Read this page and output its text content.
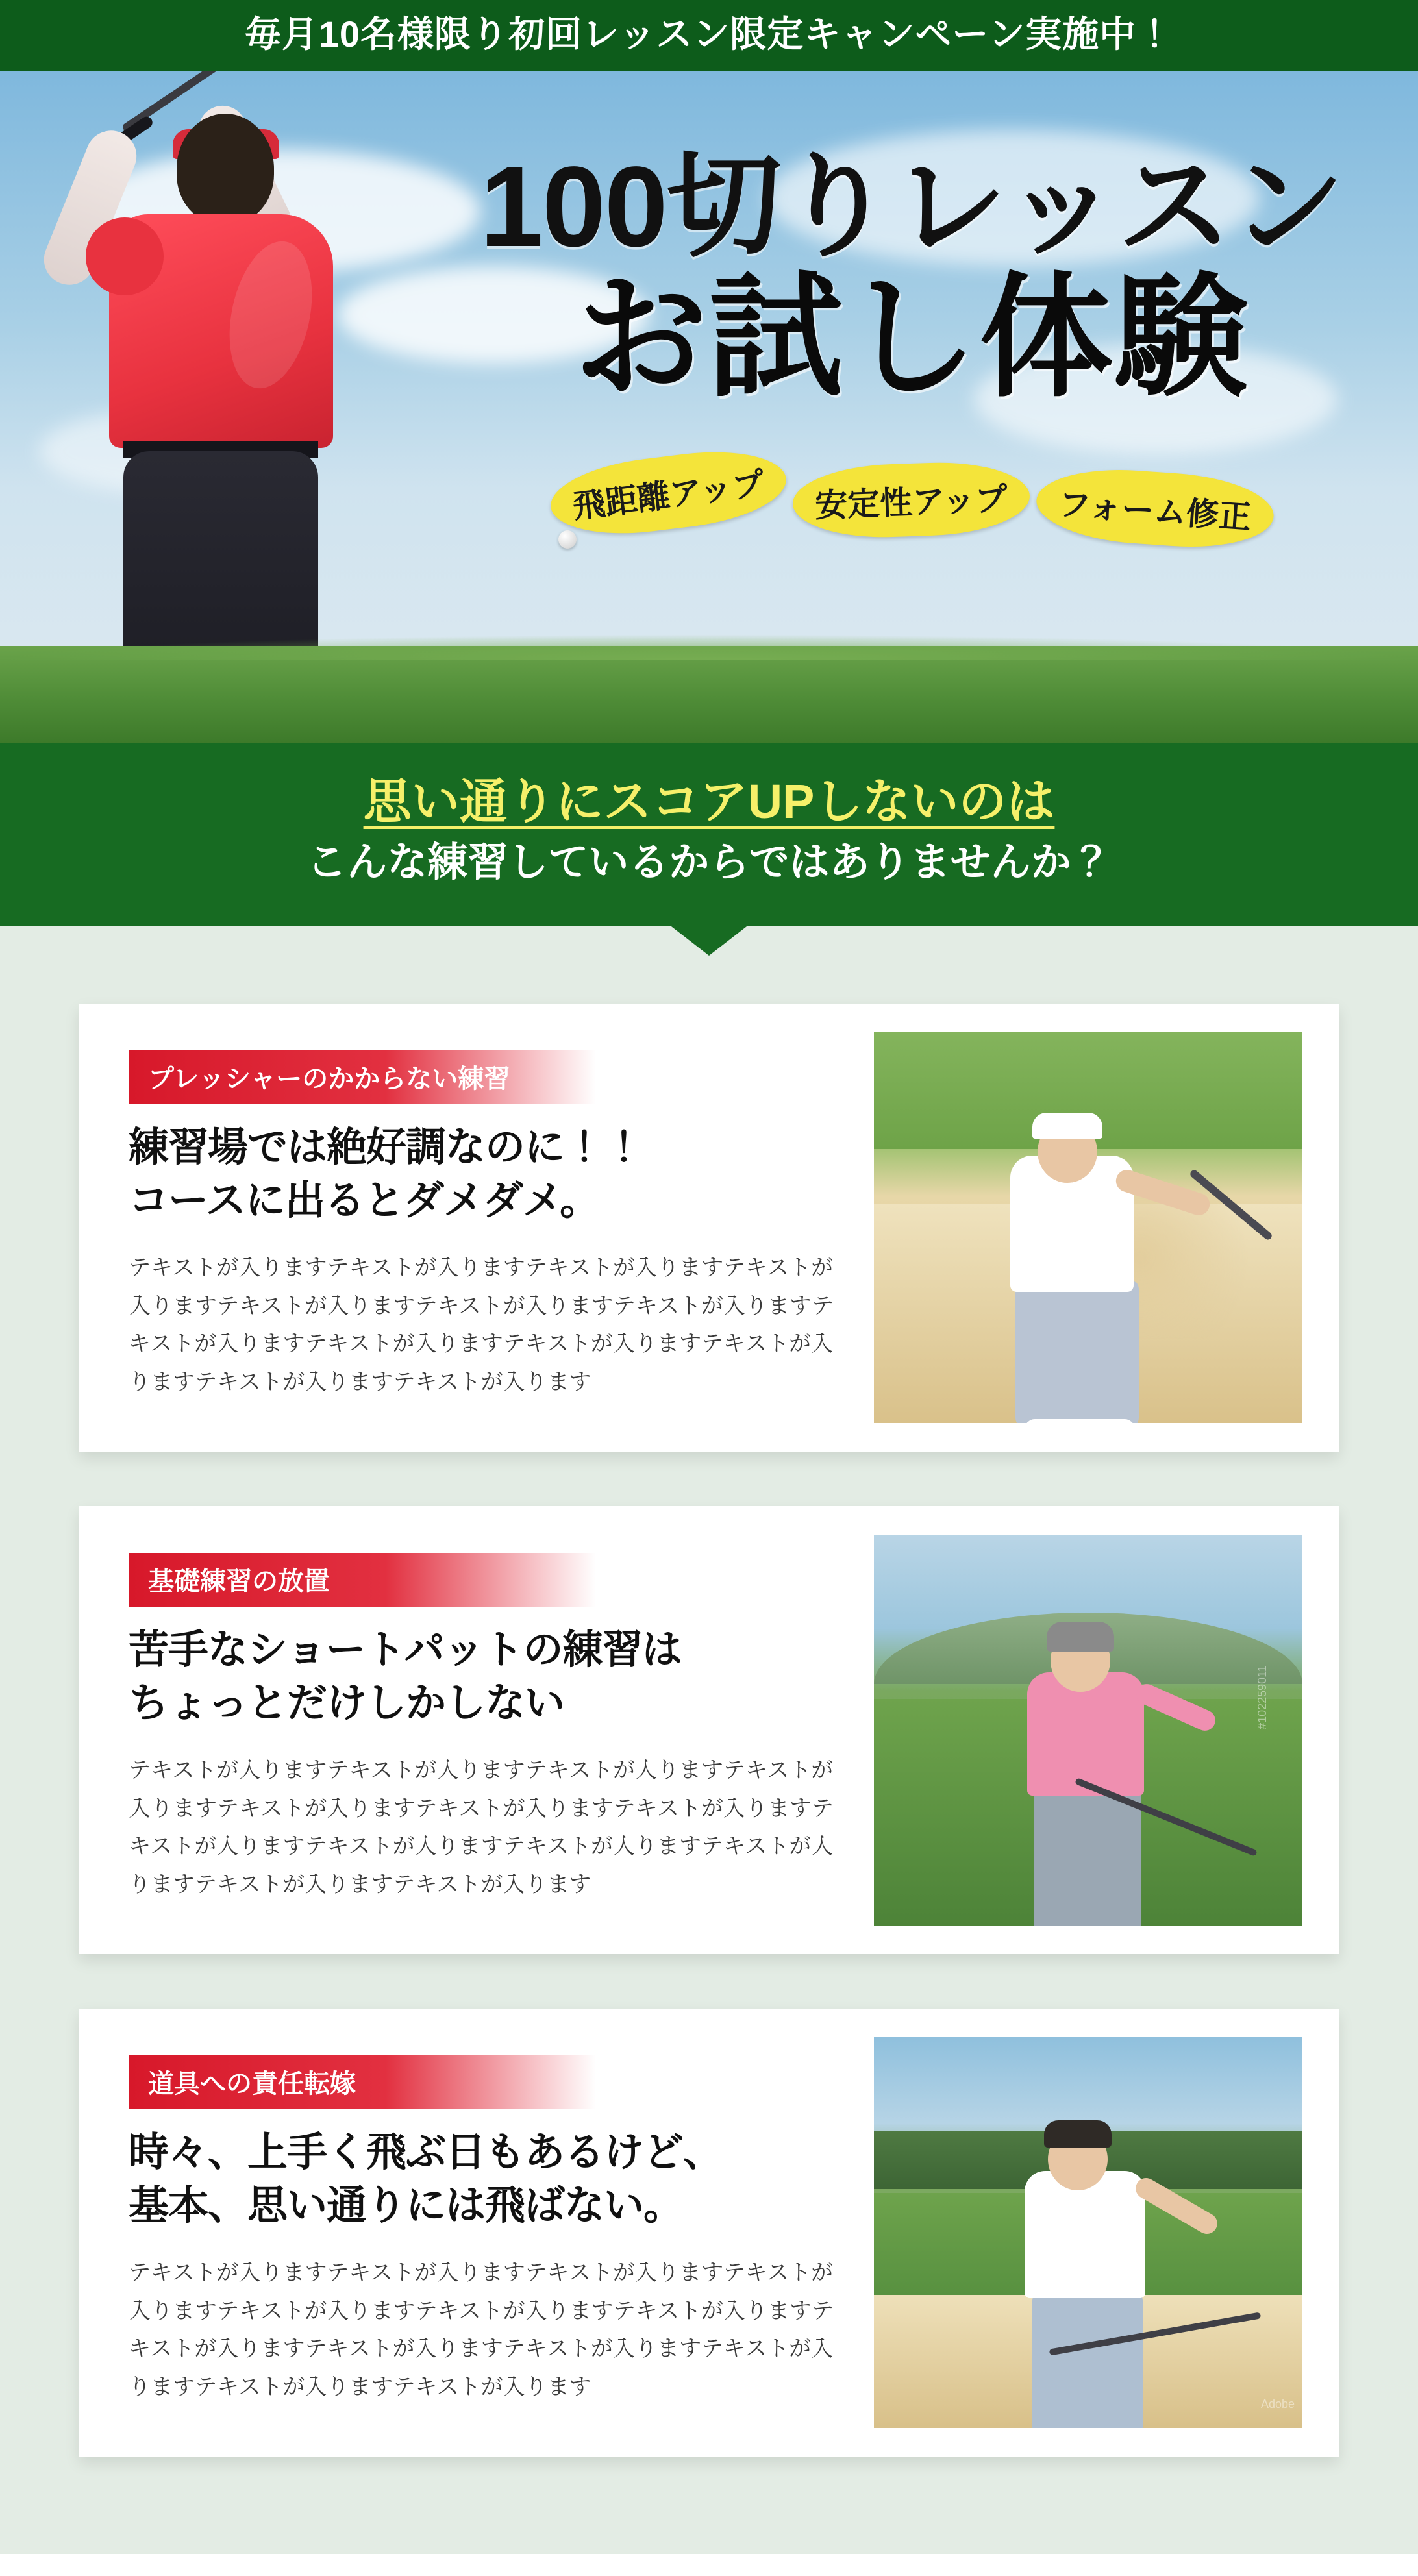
毎月10名様限り初回レッスン限定キャンペーン実施中！
100切りレッスン
お試し体験
飛距離アップ	安定性アップ	フォーム修正
思い通りにスコアUPしないのは
こんな練習しているからではありませんか？
プレッシャーのかからない練習
練習場では絶好調なのに！！
コースに出るとダメダメ。
テキストが入りますテキストが入りますテキストが入りますテキストが入りますテキストが入りますテキストが入りますテキストが入りますテキストが入りますテキストが入りますテキストが入りますテキストが入りますテキストが入りますテキストが入ります
基礎練習の放置
苦手なショートパットの練習は
ちょっとだけしかしない
テキストが入りますテキストが入りますテキストが入りますテキストが入りますテキストが入りますテキストが入りますテキストが入りますテキストが入りますテキストが入りますテキストが入りますテキストが入りますテキストが入りますテキストが入ります
#102259011
道具への責任転嫁
時々、上手く飛ぶ日もあるけど、
基本、思い通りには飛ばない。
テキストが入りますテキストが入りますテキストが入りますテキストが入りますテキストが入りますテキストが入りますテキストが入りますテキストが入りますテキストが入りますテキストが入りますテキストが入りますテキストが入りますテキストが入ります
Adobe
